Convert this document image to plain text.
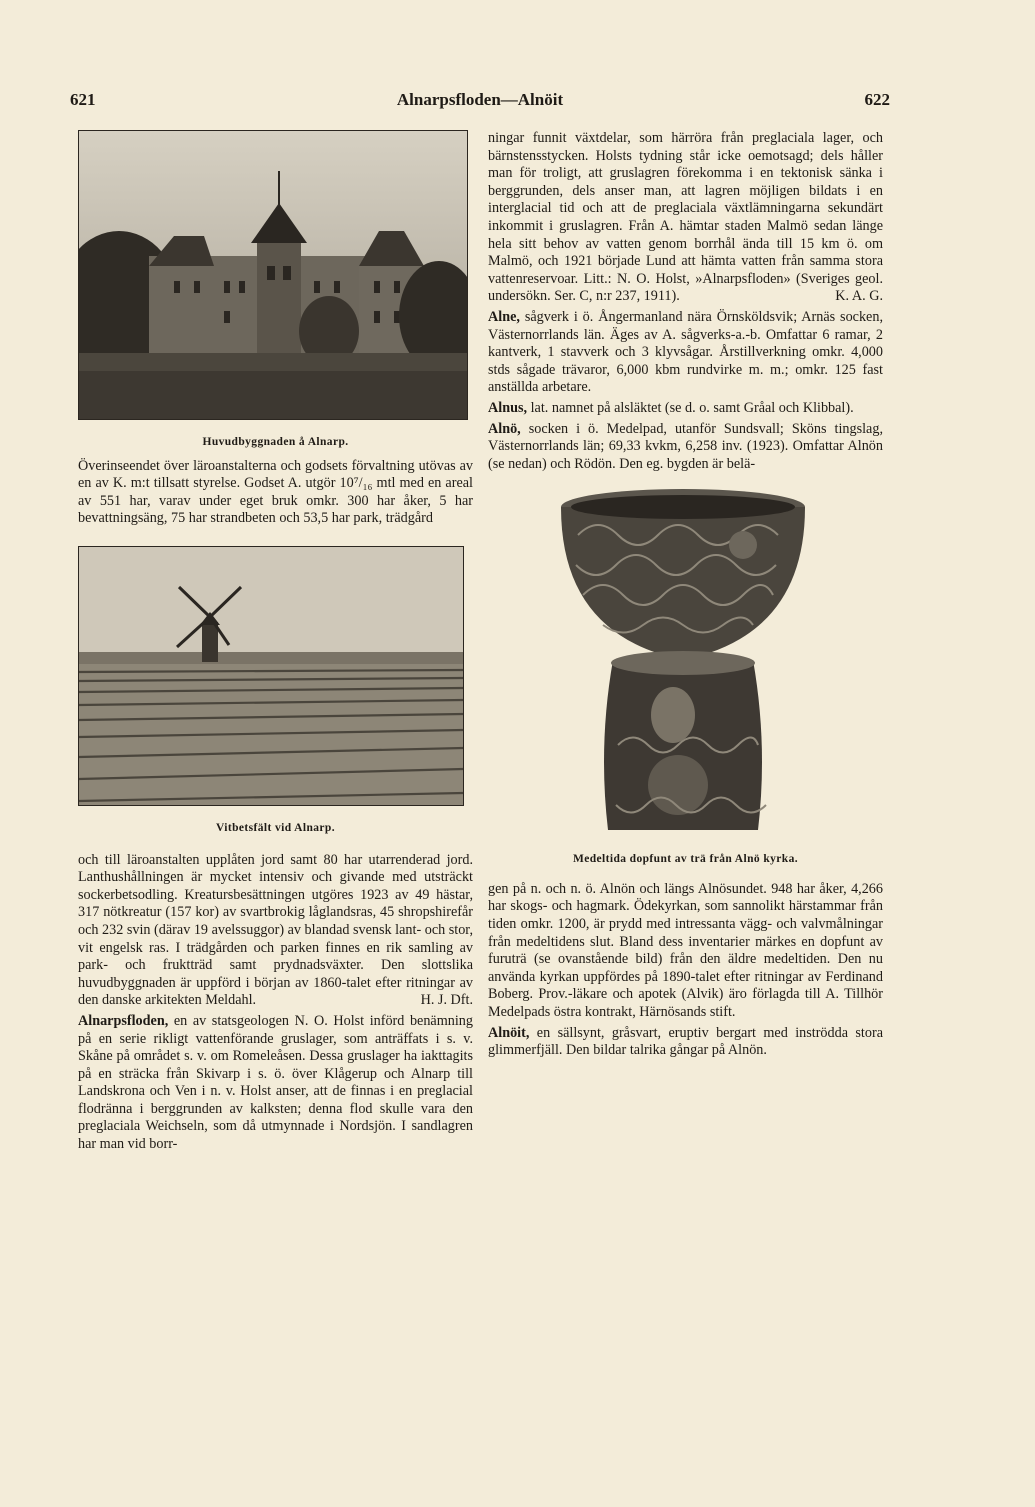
621	Alnarpsfloden—Alnöit	622
Huvudbyggnaden å Alnarp.

Överinseendet över läroanstalterna och godsets förvaltning utövas av en av K. m:t tillsatt styrelse. Godset A. utgör 10⁷/₁₆ mtl med en areal av 551 har, varav under eget bruk omkr. 300 har åker, 5 har bevattningsäng, 75 har strandbeten och 53,5 har park, trädgård

Vitbetsfält vid Alnarp.

och till läroanstalten upplåten jord samt 80 har utarrenderad jord. Lanthushållningen är mycket intensiv och givande med utsträckt sockerbetsodling. Kreatursbesättningen utgöres 1923 av 49 hästar, 317 nötkreatur (157 kor) av svartbrokig låglandsras, 45 shropshirefår och 232 svin (därav 19 avelssuggor) av blandad svensk lant- och stor, vit engelsk ras. I trädgården och parken finnes en rik samling av park- och fruktträd samt prydnadsväxter. Den slottslika huvudbyggnaden är uppförd i början av 1860-talet efter ritningar av den danske arkitekten Meldahl.	H. J. Dft.

Alnarpsfloden, en av statsgeologen N. O. Holst införd benämning på en serie rikligt vattenförande gruslager, som anträffats i s. v. Skåne på området s. v. om Romeleåsen. Dessa gruslager ha iakttagits på en sträcka från Skivarp i s. ö. över Klågerup och Alnarp till Landskrona och Ven i n. v. Holst anser, att de finnas i en preglacial flodränna i berggrunden av kalksten; denna flod skulle vara den preglaciala Weichseln, som då utmynnade i Nordsjön. I sandlagren har man vid borr-

ningar funnit växtdelar, som härröra från preglaciala lager, och bärnstensstycken. Holsts tydning står icke oemotsagd; dels håller man för troligt, att gruslagren förekomma i en tektonisk sänka i berggrunden, dels anser man, att lagren möjligen bildats i en interglacial tid och att de preglaciala växtlämningarna sekundärt inkommit i gruslagren. Från A. hämtar staden Malmö sedan länge hela sitt behov av vatten genom borrhål ända till 15 km ö. om Malmö, och 1921 började Lund att hämta vatten från samma stora vattenreservoar. Litt.: N. O. Holst, »Alnarpsfloden» (Sveriges geol. undersökn. Ser. C, n:r 237, 1911).	K. A. G.

Alne, sågverk i ö. Ångermanland nära Örnsköldsvik; Arnäs socken, Västernorrlands län. Äges av A. sågverks-a.-b. Omfattar 6 ramar, 2 kantverk, 1 stavverk och 3 klyvsågar. Årstillverkning omkr. 4,000 stds sågade trävaror, 6,000 kbm rundvirke m. m.; omkr. 125 fast anställda arbetare.

Alnus, lat. namnet på alsläktet (se d. o. samt Gråal och Klibbal).

Alnö, socken i ö. Medelpad, utanför Sundsvall; Sköns tingslag, Västernorrlands län; 69,33 kvkm, 6,258 inv. (1923). Omfattar Alnön (se nedan) och Rödön. Den eg. bygden är belä-

Medeltida dopfunt av trä från Alnö kyrka.

gen på n. och n. ö. Alnön och längs Alnösundet. 948 har åker, 4,266 har skogs- och hagmark. Ödekyrkan, som sannolikt härstammar från tiden omkr. 1200, är prydd med intressanta vägg- och valvmålningar från medeltidens slut. Bland dess inventarier märkes en dopfunt av furuträ (se ovanstående bild) från den äldre medeltiden. Den nu använda kyrkan uppfördes på 1890-talet efter ritningar av Ferdinand Boberg. Prov.-läkare och apotek (Alvik) äro förlagda till A. Tillhör Medelpads östra kontrakt, Härnösands stift.

Alnöit, en sällsynt, gråsvart, eruptiv bergart med inströdda stora glimmerfjäll. Den bildar talrika gångar på Alnön.
